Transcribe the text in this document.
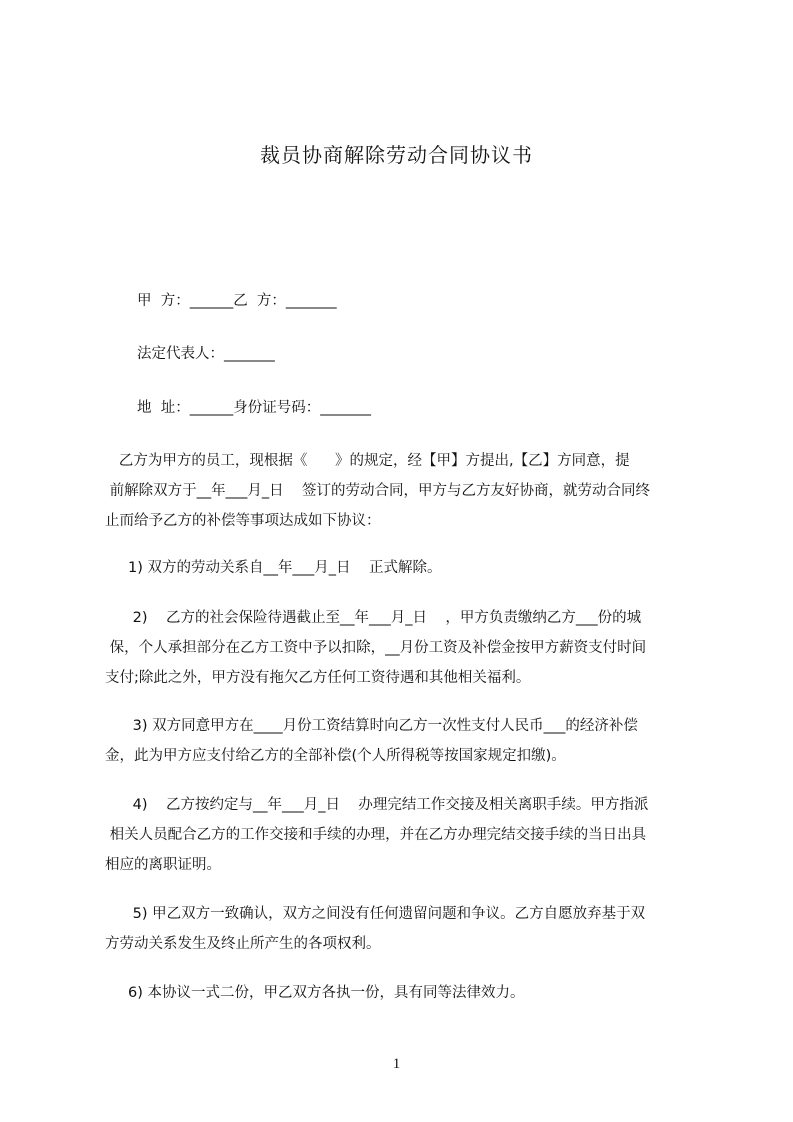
裁员协商解除劳动合同协议书
甲  方：______乙  方：_______
法定代表人：_______
地  址：______身份证号码：_______
乙方为甲方的员工，现根据《      》的规定，经【甲】方提出,【乙】方同意，提
前解除双方于__年___月_日    签订的劳动合同，甲方与乙方友好协商，就劳动合同终
止而给予乙方的补偿等事项达成如下协议：
1) 双方的劳动关系自__年___月_日    正式解除。
2)    乙方的社会保险待遇截止至__年___月_日    ，甲方负责缴纳乙方___份的城
保，个人承担部分在乙方工资中予以扣除，__月份工资及补偿金按甲方薪资支付时间
支付;除此之外，甲方没有拖欠乙方任何工资待遇和其他相关福利。
3) 双方同意甲方在____月份工资结算时向乙方一次性支付人民币___的经济补偿
金，此为甲方应支付给乙方的全部补偿(个人所得税等按国家规定扣缴)。
4)    乙方按约定与__年___月_日    办理完结工作交接及相关离职手续。甲方指派
相关人员配合乙方的工作交接和手续的办理，并在乙方办理完结交接手续的当日出具
相应的离职证明。
5) 甲乙双方一致确认，双方之间没有任何遗留问题和争议。乙方自愿放弃基于双
方劳动关系发生及终止所产生的各项权利。
6) 本协议一式二份，甲乙双方各执一份，具有同等法律效力。
1
